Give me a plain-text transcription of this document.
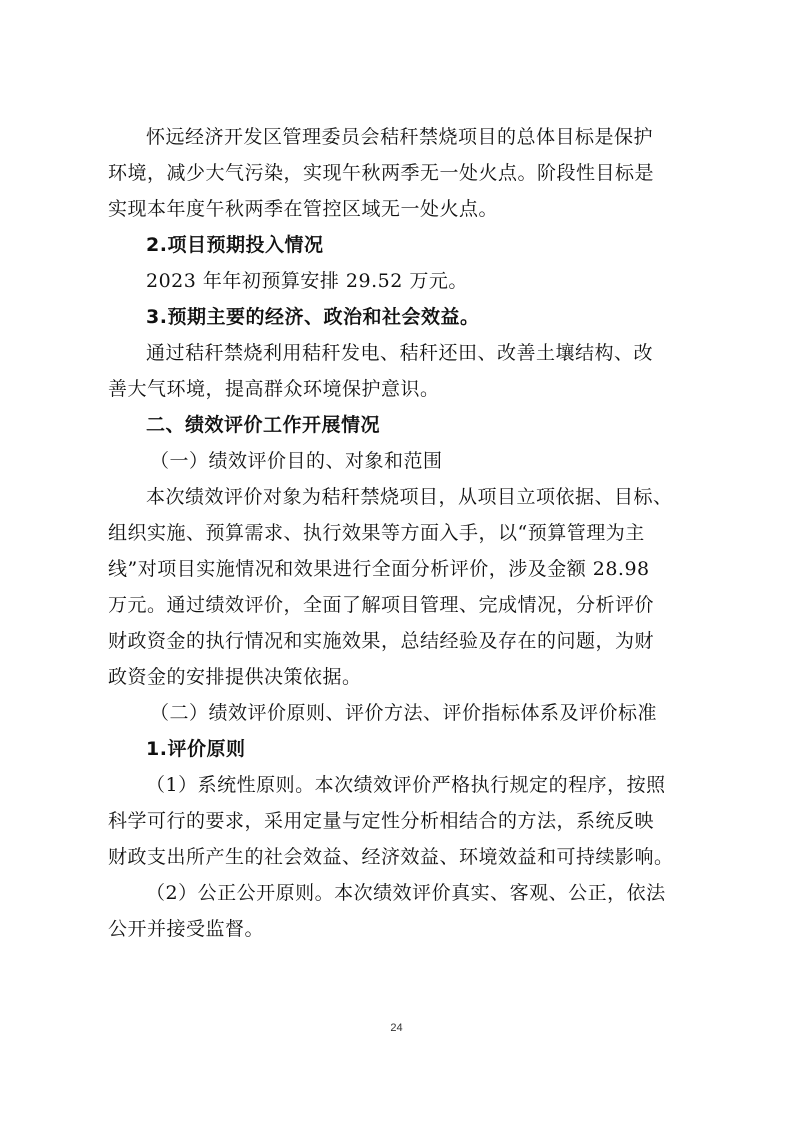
怀远经济开发区管理委员会秸秆禁烧项目的总体目标是保护
环境，减少大气污染，实现午秋两季无一处火点。阶段性目标是
实现本年度午秋两季在管控区域无一处火点。
2.项目预期投入情况
2023 年年初预算安排 29.52 万元。
3.预期主要的经济、政治和社会效益。
通过秸秆禁烧利用秸秆发电、秸秆还田、改善土壤结构、改
善大气环境，提高群众环境保护意识。
二、绩效评价工作开展情况
（一）绩效评价目的、对象和范围
本次绩效评价对象为秸秆禁烧项目，从项目立项依据、目标、
组织实施、预算需求、执行效果等方面入手，以“预算管理为主
线”对项目实施情况和效果进行全面分析评价，涉及金额 28.98
万元。通过绩效评价，全面了解项目管理、完成情况，分析评价
财政资金的执行情况和实施效果，总结经验及存在的问题，为财
政资金的安排提供决策依据。
（二）绩效评价原则、评价方法、评价指标体系及评价标准
1.评价原则
（1）系统性原则。本次绩效评价严格执行规定的程序，按照
科学可行的要求，采用定量与定性分析相结合的方法，系统反映
财政支出所产生的社会效益、经济效益、环境效益和可持续影响。
（2）公正公开原则。本次绩效评价真实、客观、公正，依法
公开并接受监督。
24
